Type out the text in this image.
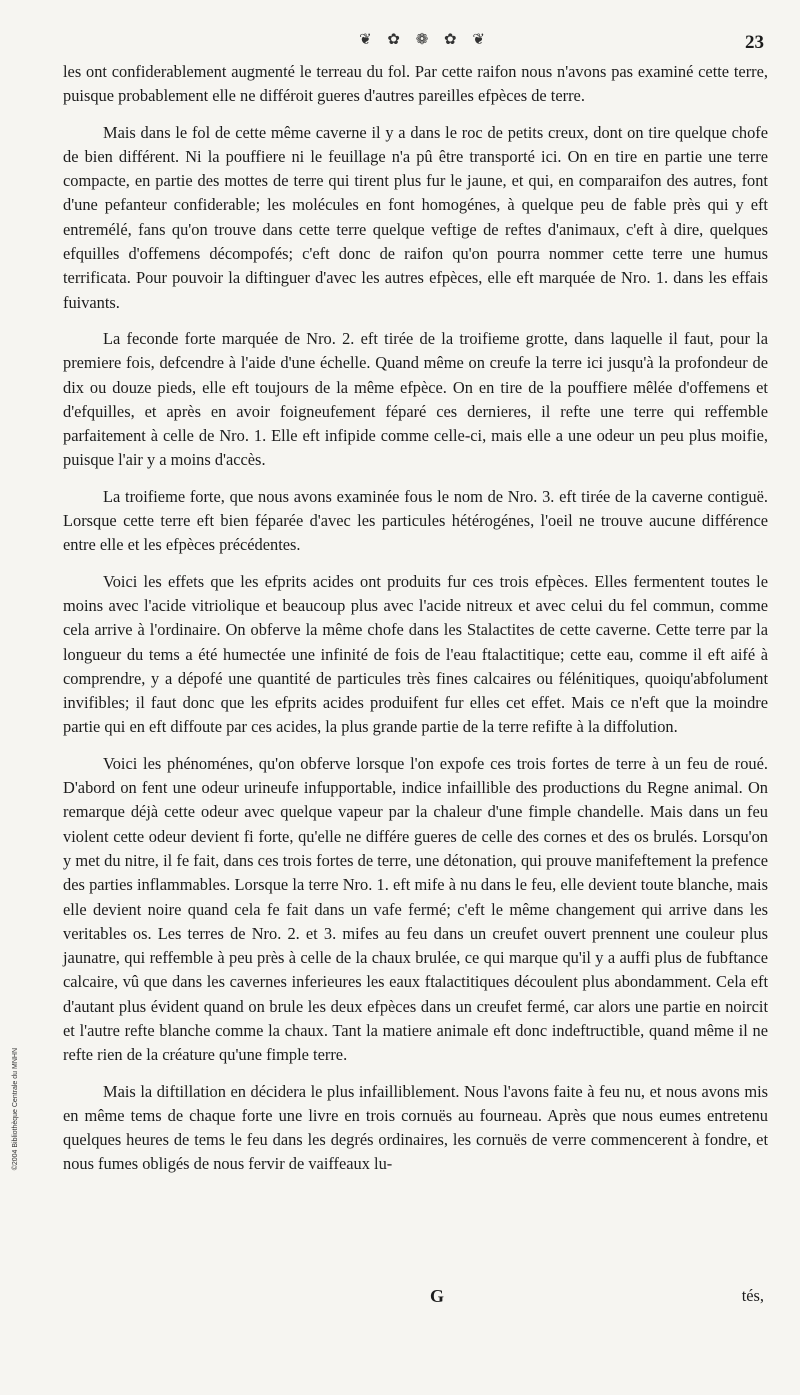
❦ ✿ ❁ ✿ ❦	23

les ont confiderablement augmenté le terreau du fol. Par cette raifon nous n'avons pas examiné cette terre, puisque probablement elle ne différoit gueres d'autres pareilles efpèces de terre.

Mais dans le fol de cette même caverne il y a dans le roc de petits creux, dont on tire quelque chofe de bien différent. Ni la pouffiere ni le feuillage n'a pû être transporté ici. On en tire en partie une terre compacte, en partie des mottes de terre qui tirent plus fur le jaune, et qui, en comparaifon des autres, font d'une pefanteur confiderable; les molécules en font homogénes, à quelque peu de fable près qui y eft entremélé, fans qu'on trouve dans cette terre quelque veftige de reftes d'animaux, c'eft à dire, quelques efquilles d'offemens décompofés; c'eft donc de raifon qu'on pourra nommer cette terre une humus terrificata. Pour pouvoir la diftinguer d'avec les autres efpèces, elle eft marquée de Nro. 1. dans les effais fuivants.

La feconde forte marquée de Nro. 2. eft tirée de la troifieme grotte, dans laquelle il faut, pour la premiere fois, defcendre à l'aide d'une échelle. Quand même on creufe la terre ici jusqu'à la profondeur de dix ou douze pieds, elle eft toujours de la même efpèce. On en tire de la pouffiere mêlée d'offemens et d'efquilles, et après en avoir foigneufement féparé ces dernieres, il refte une terre qui reffemble parfaitement à celle de Nro. 1. Elle eft infipide comme celle-ci, mais elle a une odeur un peu plus moifie, puisque l'air y a moins d'accès.

La troifieme forte, que nous avons examinée fous le nom de Nro. 3. eft tirée de la caverne contiguë. Lorsque cette terre eft bien féparée d'avec les particules hétérogénes, l'oeil ne trouve aucune différence entre elle et les efpèces précédentes.

Voici les effets que les efprits acides ont produits fur ces trois efpèces. Elles fermentent toutes le moins avec l'acide vitriolique et beaucoup plus avec l'acide nitreux et avec celui du fel commun, comme cela arrive à l'ordinaire. On obferve la même chofe dans les Stalactites de cette caverne. Cette terre par la longueur du tems a été humectée une infinité de fois de l'eau ftalactitique; cette eau, comme il eft aifé à comprendre, y a dépofé une quantité de particules très fines calcaires ou félénitiques, quoiqu'abfolument invifibles; il faut donc que les efprits acides produifent fur elles cet effet. Mais ce n'eft que la moindre partie qui en eft diffoute par ces acides, la plus grande partie de la terre refifte à la diffolution.

Voici les phénoménes, qu'on obferve lorsque l'on expofe ces trois fortes de terre à un feu de roué. D'abord on fent une odeur urineufe infupportable, indice infaillible des productions du Regne animal. On remarque déjà cette odeur avec quelque vapeur par la chaleur d'une fimple chandelle. Mais dans un feu violent cette odeur devient fi forte, qu'elle ne différe gueres de celle des cornes et des os brulés. Lorsqu'on y met du nitre, il fe fait, dans ces trois fortes de terre, une détonation, qui prouve manifeftement la prefence des parties inflammables. Lorsque la terre Nro. 1. eft mife à nu dans le feu, elle devient toute blanche, mais elle devient noire quand cela fe fait dans un vafe fermé; c'eft le même changement qui arrive dans les veritables os. Les terres de Nro. 2. et 3. mifes au feu dans un creufet ouvert prennent une couleur plus jaunatre, qui reffemble à peu près à celle de la chaux brulée, ce qui marque qu'il y a auffi plus de fubftance calcaire, vû que dans les cavernes inferieures les eaux ftalactitiques découlent plus abondamment. Cela eft d'autant plus évident quand on brule les deux efpèces dans un creufet fermé, car alors une partie en noircit et l'autre refte blanche comme la chaux. Tant la matiere animale eft donc indeftructible, quand même il ne refte rien de la créature qu'une fimple terre.

Mais la diftillation en décidera le plus infailliblement. Nous l'avons faite à feu nu, et nous avons mis en même tems de chaque forte une livre en trois cornuës au fourneau. Après que nous eumes entretenu quelques heures de tems le feu dans les degrés ordinaires, les cornuës de verre commencerent à fondre, et nous fumes obligés de nous fervir de vaiffeaux lu-

G	tés,
©2004 Bibliothèque Centrale du MNHN
